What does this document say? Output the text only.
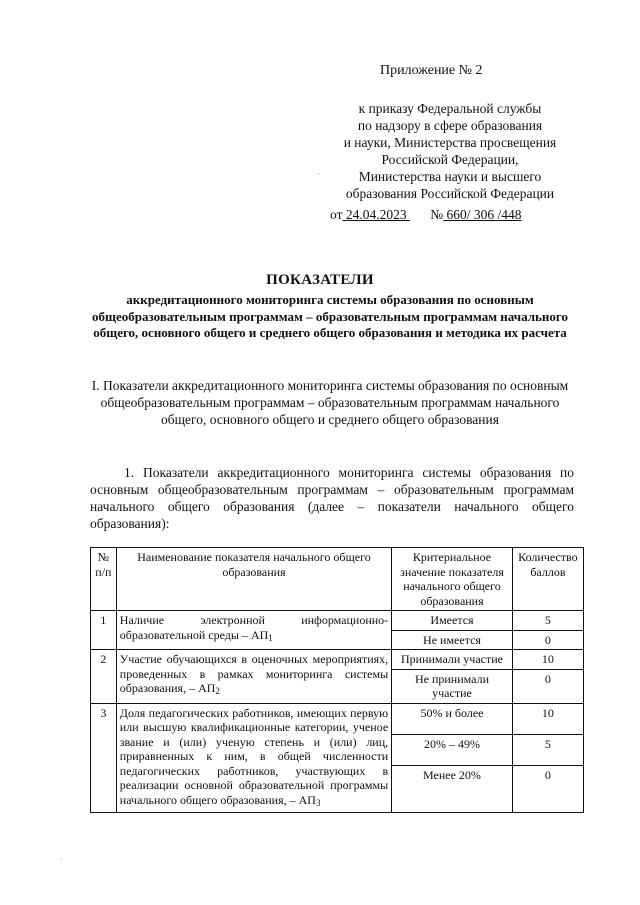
Приложение № 2
к приказу Федеральной службы
по надзору в сфере образования
и науки, Министерства просвещения
Российской Федерации,
Министерства науки и высшего
образования Российской Федерации
·
от 24.04.2023       № 660/ 306 /448
ПОКАЗАТЕЛИ
аккредитационного мониторинга системы образования по основным общеобразовательным программам – образовательным программам начального общего, основного общего и среднего общего образования и методика их расчета
I. Показатели аккредитационного мониторинга системы образования по основным общеобразовательным программам – образовательным программам начального общего, основного общего и среднего общего образования
1. Показатели аккредитационного мониторинга системы образования по основным общеобразовательным программам – образовательным программам начального общего образования (далее – показатели начального общего образования):
№ п/п	Наименование показателя начального общего образования	Критериальное значение показателя начального общего образования	Количество баллов
1	Наличие электронной информационно-образовательной среды – $АП_1$	Имеется	5
		Не имеется	0
2	Участие обучающихся в оценочных мероприятиях, проведенных в рамках мониторинга системы образования, – $АП_2$	Принимали участие	10
		Не принимали участие	0
3	Доля педагогических работников, имеющих первую или высшую квалификационные категории, ученое звание и (или) ученую степень и (или) лиц, приравненных к ним, в общей численности педагогических работников, участвующих в реализации основной образовательной программы начального общего образования, – $АП_3$	50% и более	10
		20% – 49%	5
		Менее 20%	0
·
